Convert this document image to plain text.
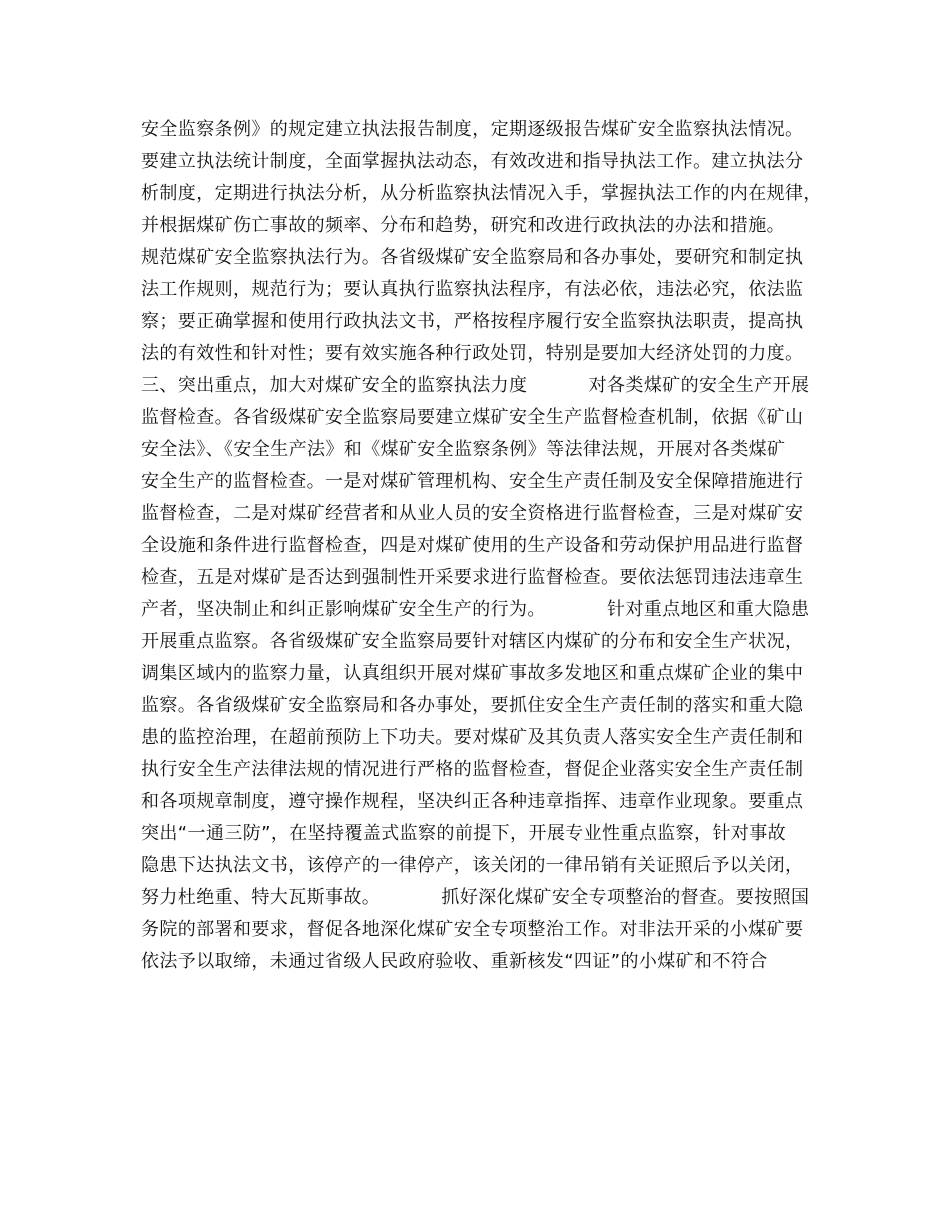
安全监察条例》的规定建立执法报告制度，定期逐级报告煤矿安全监察执法情况。
要建立执法统计制度，全面掌握执法动态，有效改进和指导执法工作。建立执法分
析制度，定期进行执法分析，从分析监察执法情况入手，掌握执法工作的内在规律，
并根据煤矿伤亡事故的频率、分布和趋势，研究和改进行政执法的办法和措施。
规范煤矿安全监察执法行为。各省级煤矿安全监察局和各办事处，要研究和制定执
法工作规则，规范行为；要认真执行监察执法程序，有法必依，违法必究，依法监
察；要正确掌握和使用行政执法文书，严格按程序履行安全监察执法职责，提高执
法的有效性和针对性；要有效实施各种行政处罚，特别是要加大经济处罚的力度。
三、突出重点，加大对煤矿安全的监察执法力度          对各类煤矿的安全生产开展
监督检查。各省级煤矿安全监察局要建立煤矿安全生产监督检查机制，依据《矿山
安全法》、《安全生产法》和《煤矿安全监察条例》等法律法规，开展对各类煤矿
安全生产的监督检查。一是对煤矿管理机构、安全生产责任制及安全保障措施进行
监督检查，二是对煤矿经营者和从业人员的安全资格进行监督检查，三是对煤矿安
全设施和条件进行监督检查，四是对煤矿使用的生产设备和劳动保护用品进行监督
检查，五是对煤矿是否达到强制性开采要求进行监督检查。要依法惩罚违法违章生
产者，坚决制止和纠正影响煤矿安全生产的行为。          针对重点地区和重大隐患
开展重点监察。各省级煤矿安全监察局要针对辖区内煤矿的分布和安全生产状况，
调集区域内的监察力量，认真组织开展对煤矿事故多发地区和重点煤矿企业的集中
监察。各省级煤矿安全监察局和各办事处，要抓住安全生产责任制的落实和重大隐
患的监控治理，在超前预防上下功夫。要对煤矿及其负责人落实安全生产责任制和
执行安全生产法律法规的情况进行严格的监督检查，督促企业落实安全生产责任制
和各项规章制度，遵守操作规程，坚决纠正各种违章指挥、违章作业现象。要重点
突出“一通三防”，在坚持覆盖式监察的前提下，开展专业性重点监察，针对事故
隐患下达执法文书，该停产的一律停产，该关闭的一律吊销有关证照后予以关闭，
努力杜绝重、特大瓦斯事故。          抓好深化煤矿安全专项整治的督查。要按照国
务院的部署和要求，督促各地深化煤矿安全专项整治工作。对非法开采的小煤矿要
依法予以取缔，未通过省级人民政府验收、重新核发“四证”的小煤矿和不符合
